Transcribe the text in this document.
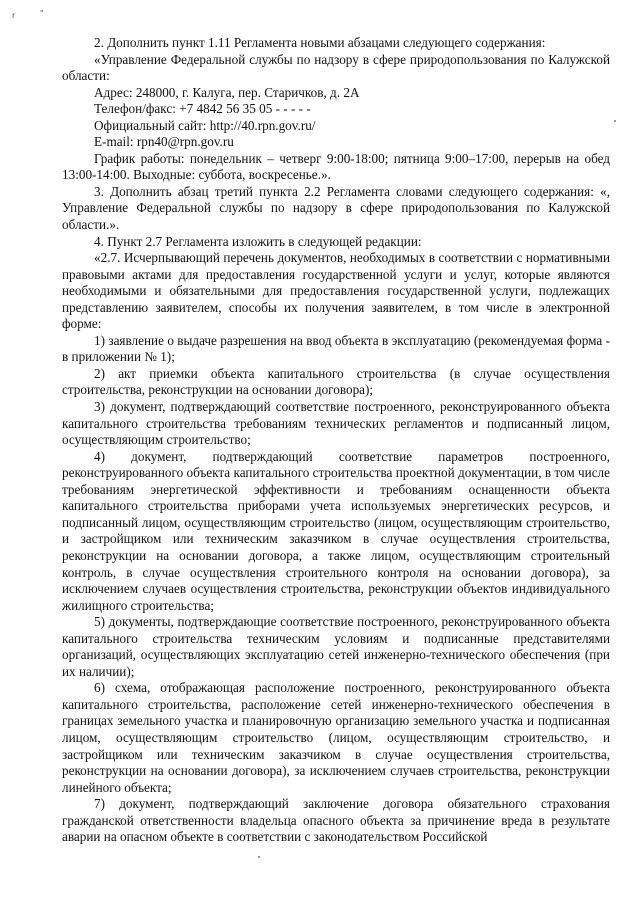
r	"

2. Дополнить пункт 1.11 Регламента новыми абзацами следующего содержания:

«Управление Федеральной службы по надзору в сфере природопользования по Калужской области:

Адрес: 248000, г. Калуга, пер. Старичков, д. 2А

Телефон/факс: +7 4842 56 35 05 - - - - -

Официальный сайт: http://40.rpn.gov.ru/

E-mail: rpn40@rpn.gov.ru

График работы: понедельник – четверг 9:00-18:00; пятница 9:00–17:00, перерыв на обед 13:00-14:00. Выходные: суббота, воскресенье.».

3. Дополнить абзац третий пункта 2.2 Регламента словами следующего содержания: «, Управление Федеральной службы по надзору в сфере природопользования по Калужской области.».

4. Пункт 2.7 Регламента изложить в следующей редакции:

«2.7. Исчерпывающий перечень документов, необходимых в соответствии с нормативными правовыми актами для предоставления государственной услуги и услуг, которые являются необходимыми и обязательными для предоставления государственной услуги, подлежащих представлению заявителем, способы их получения заявителем, в том числе в электронной форме:

1) заявление о выдаче разрешения на ввод объекта в эксплуатацию (рекомендуемая форма - в приложении № 1);

2) акт приемки объекта капитального строительства (в случае осуществления строительства, реконструкции на основании договора);

3) документ, подтверждающий соответствие построенного, реконструированного объекта капитального строительства требованиям технических регламентов и подписанный лицом, осуществляющим строительство;

4) документ, подтверждающий соответствие параметров построенного, реконструированного объекта капитального строительства проектной документации, в том числе требованиям энергетической эффективности и требованиям оснащенности объекта капитального строительства приборами учета используемых энергетических ресурсов, и подписанный лицом, осуществляющим строительство (лицом, осуществляющим строительство, и застройщиком или техническим заказчиком в случае осуществления строительства, реконструкции на основании договора, а также лицом, осуществляющим строительный контроль, в случае осуществления строительного контроля на основании договора), за исключением случаев осуществления строительства, реконструкции объектов индивидуального жилищного строительства;

5) документы, подтверждающие соответствие построенного, реконструированного объекта капитального строительства техническим условиям и подписанные представителями организаций, осуществляющих эксплуатацию сетей инженерно-технического обеспечения (при их наличии);

6) схема, отображающая расположение построенного, реконструированного объекта капитального строительства, расположение сетей инженерно-технического обеспечения в границах земельного участка и планировочную организацию земельного участка и подписанная лицом, осуществляющим строительство (лицом, осуществляющим строительство, и застройщиком или техническим заказчиком в случае осуществления строительства, реконструкции на основании договора), за исключением случаев строительства, реконструкции линейного объекта;

7) документ, подтверждающий заключение договора обязательного страхования гражданской ответственности владельца опасного объекта за причинение вреда в результате аварии на опасном объекте в соответствии с законодательством Российской
